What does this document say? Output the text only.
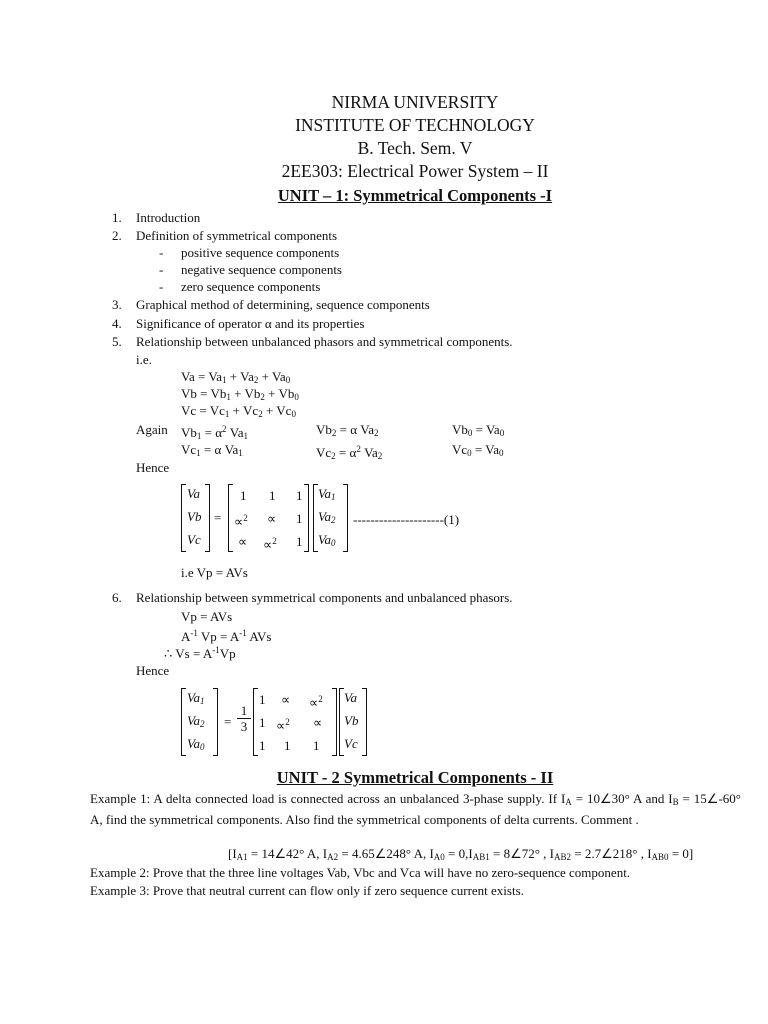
NIRMA UNIVERSITY
INSTITUTE OF TECHNOLOGY
B. Tech. Sem. V
2EE303: Electrical Power System – II
UNIT – 1: Symmetrical Components -I
1. Introduction
2. Definition of symmetrical components
- positive sequence components
- negative sequence components
- zero sequence components
3. Graphical method of determining, sequence components
4. Significance of operator α and its properties
5. Relationship between unbalanced phasors and symmetrical components.
i.e.
$Va = Va_1 + Va_2 + Va_0$
$Vb = Vb_1 + Vb_2 + Vb_0$
$Vc = Vc_1 + Vc_2 + Vc_0$
Again $Vb_1 = \alpha^2$ $Va_1$	$Vb_2 = \alpha$ $Va_2$	$Vb_0 = Va_0$
$Vc_1 = \alpha$ $Va_1$	$Vc_2 = \alpha^2$ $Va_2$	$Vc_0 = Va_0$
Hence
Va
Vb
Vc
=
1 1 1
∝$^2$ ∝ 1
∝ ∝$^2$ 1
$Va_1$
$Va_2$
$Va_0$
---------------------(1)
i.e Vp = AVs
6. Relationship between symmetrical components and unbalanced phasors.
Vp = AVs
$A^{-1}$ $Vp = A^{-1}$ AVs
∴ $Vs = A^{-1}Vp$
Hence
$Va_1$
$Va_2$
$Va_0$
= $\frac{1}{3}$
1 ∝ ∝$^2$
1 ∝$^2$ ∝
1 1 1
Va
Vb
Vc
UNIT - 2 Symmetrical Components - II
Example 1: A delta connected load is connected across an unbalanced 3-phase supply. If $I_A$ = 10∠30° A and $I_B$ = 15∠-60° A, find the symmetrical components. Also find the symmetrical components of delta currents. Comment .
[$I_{A1}$ = 14∠42° A, $I_{A2}$ = 4.65∠248° A, $I_{A0} = 0,I_{AB1}$ = 8∠72° , $I_{AB2}$ = 2.7∠218° , $I_{AB0} = 0$]
Example 2: Prove that the three line voltages Vab, Vbc and Vca will have no zero-sequence component.
Example 3: Prove that neutral current can flow only if zero sequence current exists.
